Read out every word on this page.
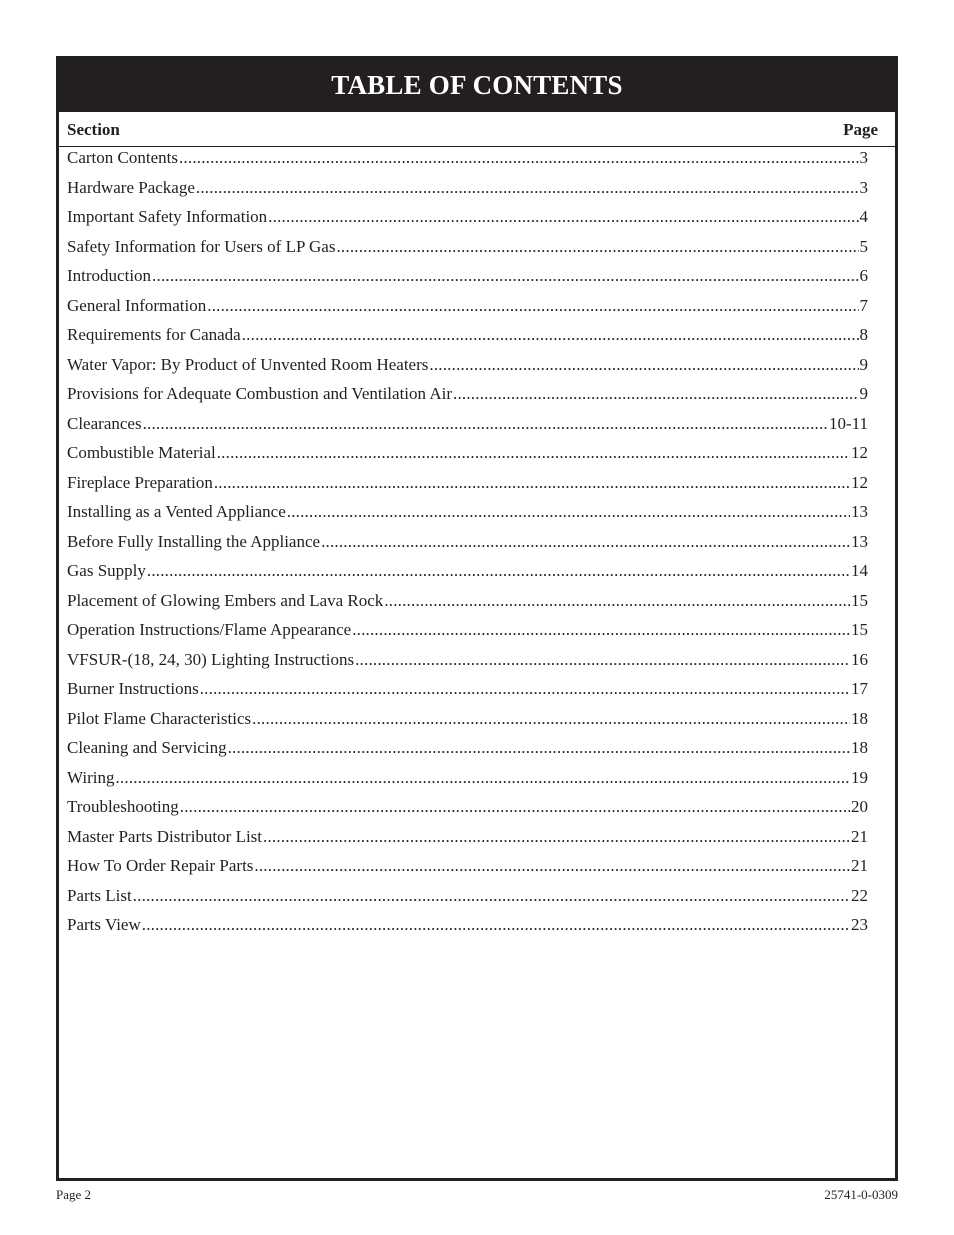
TABLE OF CONTENTS
Section	Page
Carton Contents .....	3
Hardware Package .....	3
Important Safety Information .....	4
Safety Information for Users of LP Gas .....	5
Introduction .....	6
General Information .....	7
Requirements for Canada .....	8
Water Vapor: By Product of Unvented Room Heaters .....	9
Provisions for Adequate Combustion and Ventilation Air .....	9
Clearances .....	10-11
Combustible Material .....	12
Fireplace Preparation .....	12
Installing as a Vented Appliance .....	13
Before Fully Installing the Appliance .....	13
Gas Supply .....	14
Placement of Glowing Embers and Lava Rock .....	15
Operation Instructions/Flame Appearance .....	15
VFSUR-(18, 24, 30) Lighting Instructions .....	16
Burner Instructions .....	17
Pilot Flame Characteristics .....	18
Cleaning and Servicing .....	18
Wiring .....	19
Troubleshooting .....	20
Master Parts Distributor List .....	21
How To Order Repair Parts .....	21
Parts List .....	22
Parts View .....	23
Page 2	25741-0-0309
